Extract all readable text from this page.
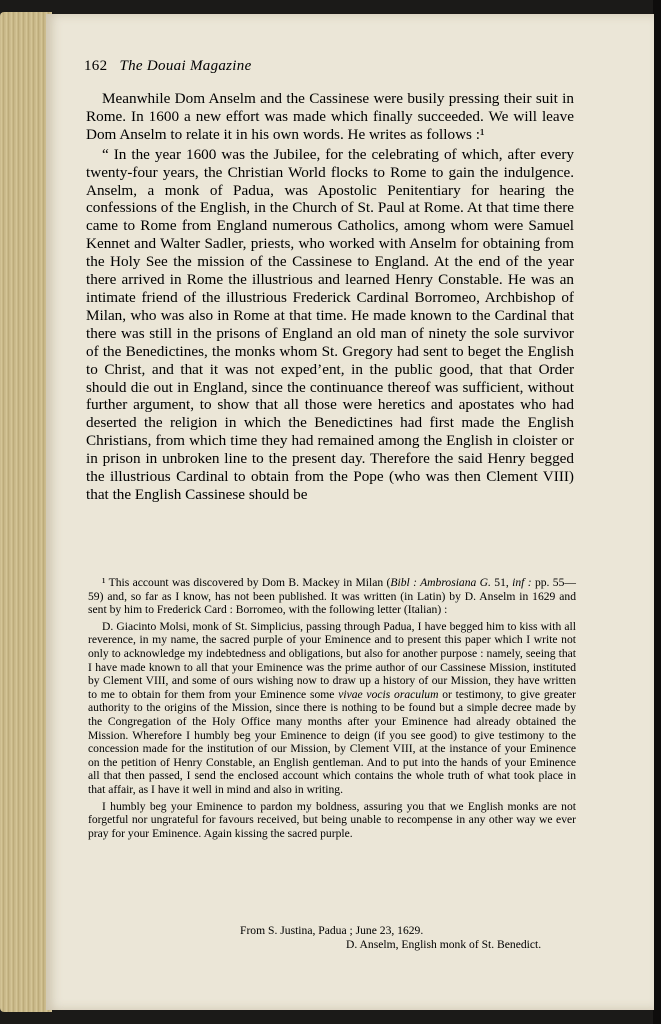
162 The Douai Magazine

Meanwhile Dom Anselm and the Cassinese were busily pressing their suit in Rome. In 1600 a new effort was made which finally succeeded. We will leave Dom Anselm to relate it in his own words. He writes as follows :¹

“ In the year 1600 was the Jubilee, for the celebrating of which, after every twenty-four years, the Christian World flocks to Rome to gain the indulgence. Anselm, a monk of Padua, was Apostolic Penitentiary for hearing the confessions of the English, in the Church of St. Paul at Rome. At that time there came to Rome from England numerous Catholics, among whom were Samuel Kennet and Walter Sadler, priests, who worked with Anselm for obtaining from the Holy See the mission of the Cassinese to England. At the end of the year there arrived in Rome the illustrious and learned Henry Constable. He was an intimate friend of the illustrious Frederick Cardinal Borromeo, Archbishop of Milan, who was also in Rome at that time. He made known to the Cardinal that there was still in the prisons of England an old man of ninety the sole survivor of the Benedictines, the monks whom St. Gregory had sent to beget the English to Christ, and that it was not exped’ent, in the public good, that that Order should die out in England, since the continuance thereof was sufficient, without further argument, to show that all those were heretics and apostates who had deserted the religion in which the Benedictines had first made the English Christians, from which time they had remained among the English in cloister or in prison in unbroken line to the present day. Therefore the said Henry begged the illustrious Cardinal to obtain from the Pope (who was then Clement VIII) that the English Cassinese should be

¹ This account was discovered by Dom B. Mackey in Milan (Bibl : Ambrosiana G. 51, inf : pp. 55—59) and, so far as I know, has not been published. It was written (in Latin) by D. Anselm in 1629 and sent by him to Frederick Card : Borromeo, with the following letter (Italian) :

D. Giacinto Molsi, monk of St. Simplicius, passing through Padua, I have begged him to kiss with all reverence, in my name, the sacred purple of your Eminence and to present this paper which I write not only to acknowledge my indebtedness and obligations, but also for another purpose : namely, seeing that I have made known to all that your Eminence was the prime author of our Cassinese Mission, instituted by Clement VIII, and some of ours wishing now to draw up a history of our Mission, they have written to me to obtain for them from your Eminence some vivae vocis oraculum or testimony, to give greater authority to the origins of the Mission, since there is nothing to be found but a simple decree made by the Congregation of the Holy Office many months after your Eminence had already obtained the Mission. Wherefore I humbly beg your Eminence to deign (if you see good) to give testimony to the concession made for the institution of our Mission, by Clement VIII, at the instance of your Eminence on the petition of Henry Constable, an English gentleman. And to put into the hands of your Eminence all that then passed, I send the enclosed account which contains the whole truth of what took place in that affair, as I have it well in mind and also in writing.

I humbly beg your Eminence to pardon my boldness, assuring you that we English monks are not forgetful nor ungrateful for favours received, but being unable to recompense in any other way we ever pray for your Eminence. Again kissing the sacred purple.

From S. Justina, Padua ; June 23, 1629.
D. Anselm, English monk of St. Benedict.
